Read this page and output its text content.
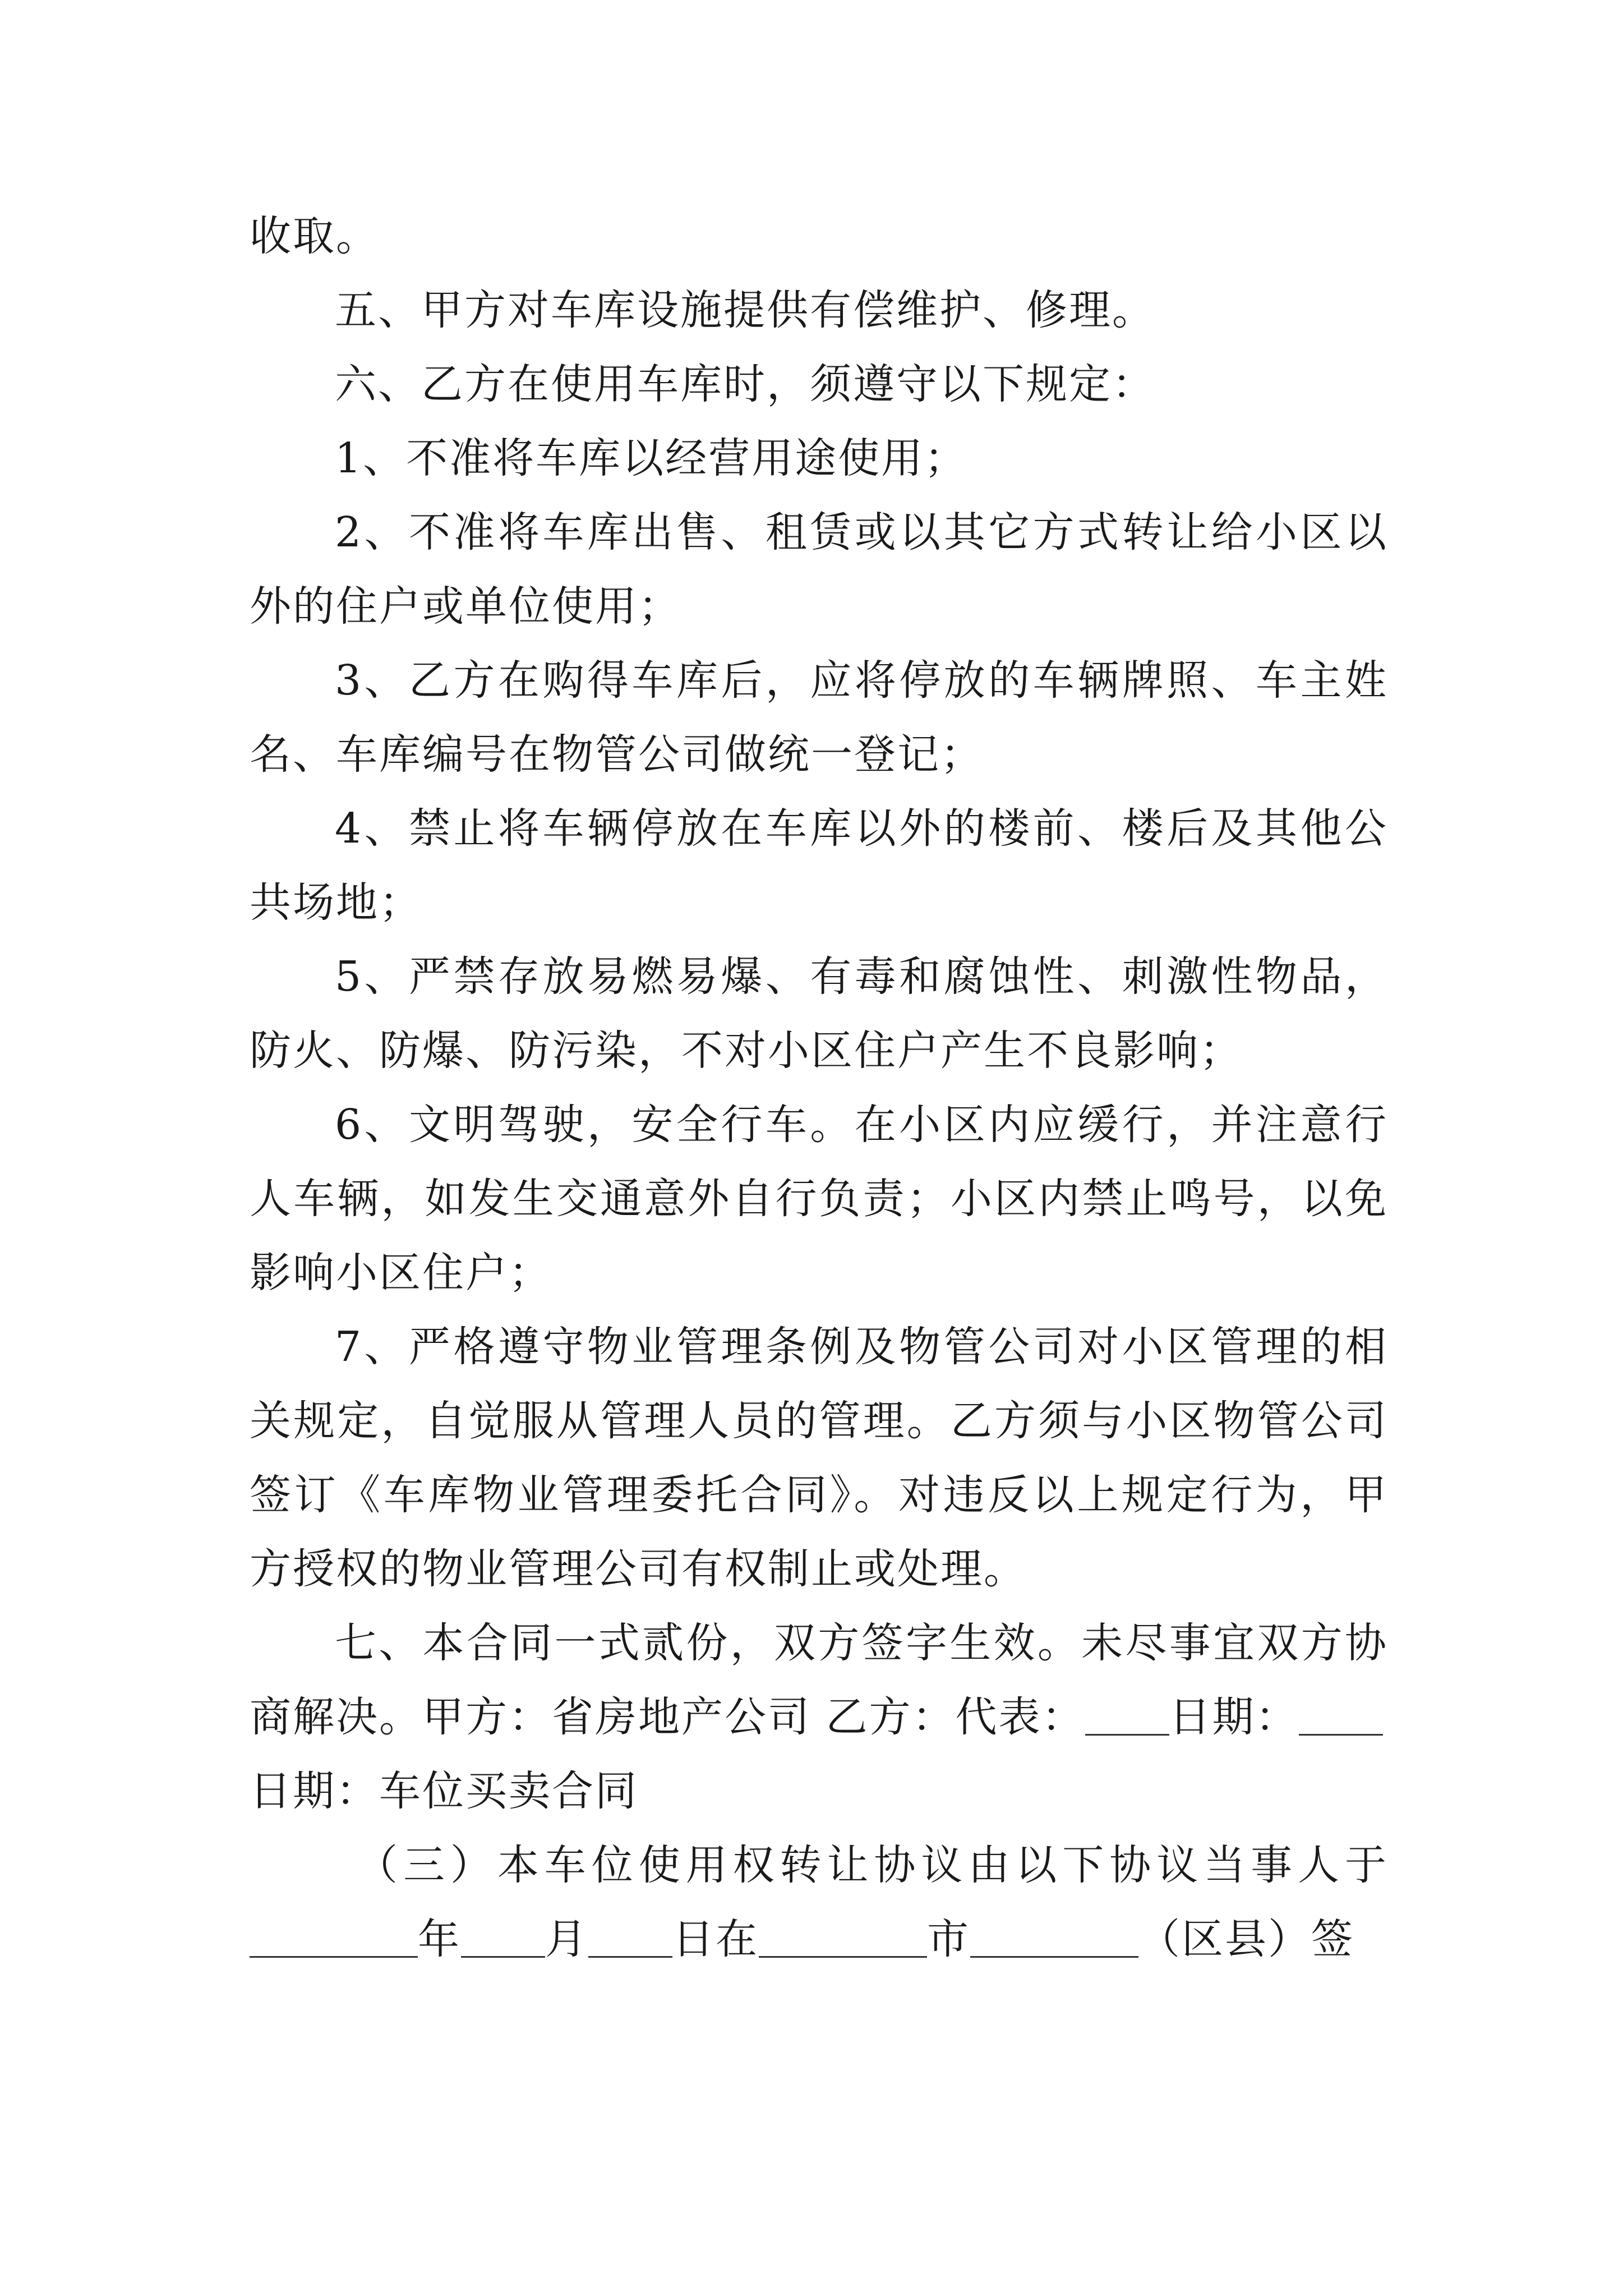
收取。
五、甲方对车库设施提供有偿维护、修理。
六、乙方在使用车库时，须遵守以下规定：
1、不准将车库以经营用途使用；
2、不准将车库出售、租赁或以其它方式转让给小区以
外的住户或单位使用；
3、乙方在购得车库后，应将停放的车辆牌照、车主姓
名、车库编号在物管公司做统一登记；
4、禁止将车辆停放在车库以外的楼前、楼后及其他公
共场地；
5、严禁存放易燃易爆、有毒和腐蚀性、刺激性物品，
防火、防爆、防污染，不对小区住户产生不良影响；
6、文明驾驶，安全行车。在小区内应缓行，并注意行
人车辆，如发生交通意外自行负责；小区内禁止鸣号，以免
影响小区住户；
7、严格遵守物业管理条例及物管公司对小区管理的相
关规定，自觉服从管理人员的管理。乙方须与小区物管公司
签订《车库物业管理委托合同》。对违反以上规定行为，甲
方授权的物业管理公司有权制止或处理。
七、本合同一式贰份，双方签字生效。未尽事宜双方协
商解决。甲方：省房地产公司 乙方：代表： 日期：
日期：车位买卖合同
（三）本车位使用权转让协议由以下协议当事人于
年 月 日在	市	（区县）签
